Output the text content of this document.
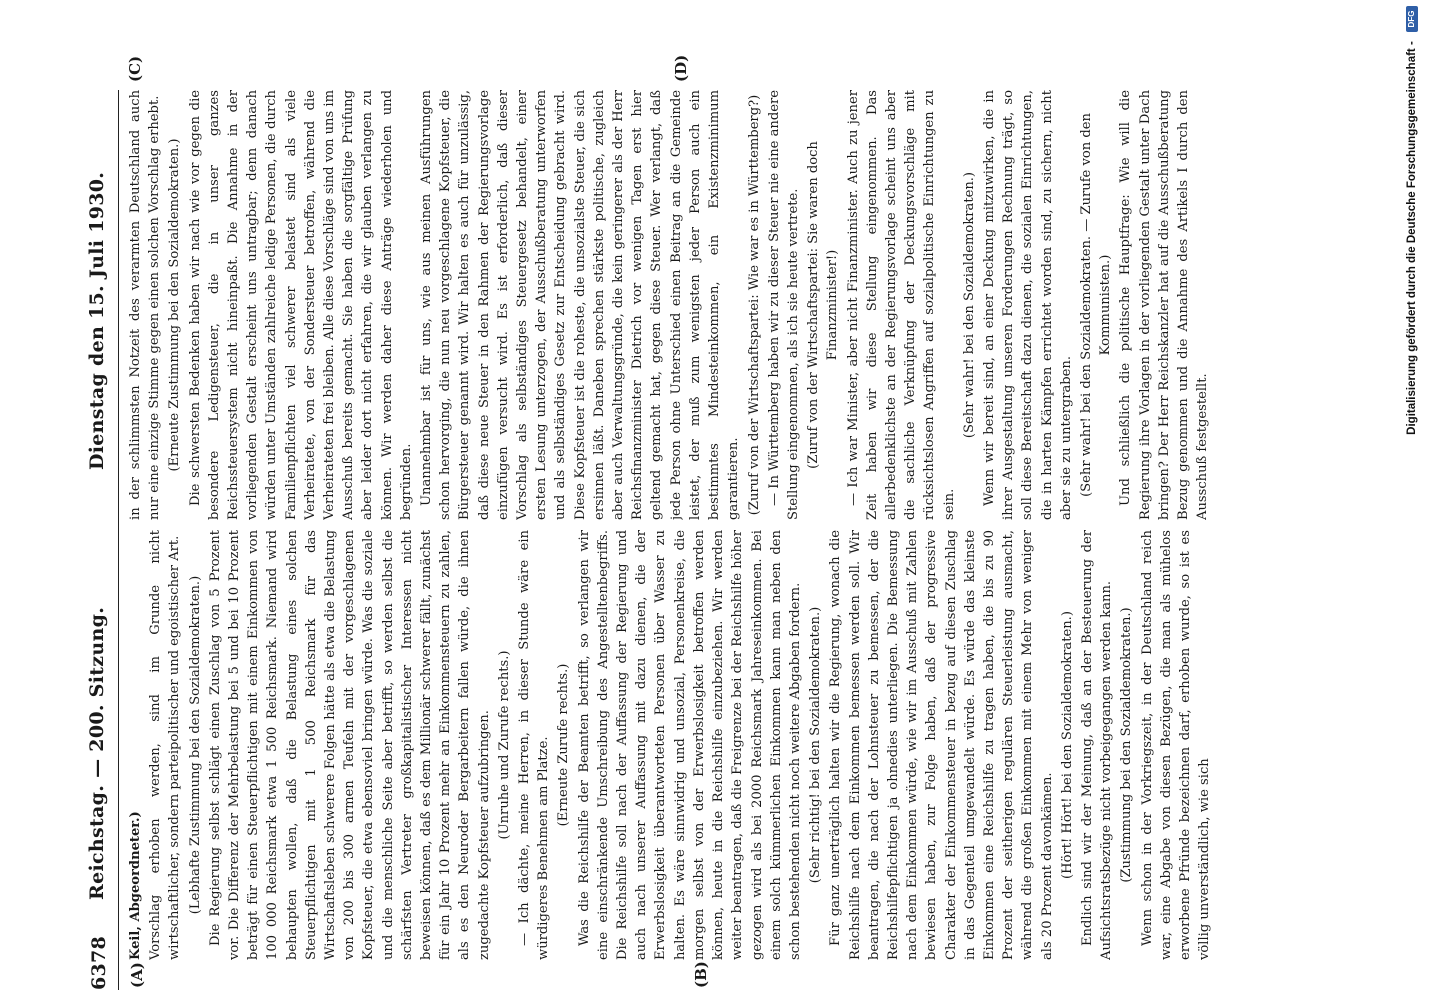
6378
Reichstag. — 200. Sitzung.
Dienstag den 15. Juli 1930.
(A)	(B)
(C)	(D)

Keil, Abgeordneter.) Vorschlag erhoben werden, sind im Grunde nicht wirtschaftlicher, sondern parteipolitischer und egoistischer Art. (Lebhafte Zustimmung bei den Sozialdemokraten.) Die Regierung selbst schlägt einen Zuschlag von 5 Prozent vor. Die Differenz der Mehrbelastung bei 5 und bei 10 Prozent beträgt für einen Steuerpflichtigen mit einem Einkommen von 100 000 Reichsmark etwa 1 500 Reichsmark. Niemand wird behaupten wollen, daß die Belastung eines solchen Steuerpflichtigen mit 1 500 Reichsmark für das Wirtschaftsleben schwerere Folgen hätte als etwa die Belastung von 200 bis 300 armen Teufeln mit der vorgeschlagenen Kopfsteuer, die etwa ebensoviel bringen würde. Was die soziale und die menschliche Seite aber betrifft, so werden selbst die schärfsten Vertreter großkapitalistischer Interessen nicht beweisen können, daß es dem Millionär schwerer fällt, zunächst für ein Jahr 10 Prozent mehr an Einkommensteuern zu zahlen, als es den Neuroder Bergarbeitern fallen würde, die ihnen zugedachte Kopfsteuer aufzubringen. (Unruhe und Zurufe rechts.) — Ich dächte, meine Herren, in dieser Stunde wäre ein würdigeres Benehmen am Platze. (Erneute Zurufe rechts.) Was die Reichshilfe der Beamten betrifft, so verlangen wir eine einschränkende Umschreibung des Angestelltenbegriffs. Die Reichshilfe soll nach der Auffassung der Regierung und auch nach unserer Auffassung mit dazu dienen, die der Erwerbslosigkeit überantworteten Personen über Wasser zu halten. Es wäre sinnwidrig und unsozial, Personenkreise, die morgen selbst von der Erwerbslosigkeit betroffen werden können, heute in die Reichshilfe einzubeziehen. Wir werden weiter beantragen, daß die Freigrenze bei der Reichshilfe höher gezogen wird als bei 2000 Reichsmark Jahreseinkommen. Bei einem solch kümmerlichen Einkommen kann man neben den schon bestehenden nicht noch weitere Abgaben fordern. (Sehr richtig! bei den Sozialdemokraten.) Für ganz unerträglich halten wir die Regierung, wonach die Reichshilfe nach dem Einkommen bemessen werden soll. Wir beantragen, die nach der Lohnsteuer zu bemessen, der die Reichshilfepflichtigen ja ohnedies unterliegen. Die Bemessung nach dem Einkommen würde, wie wir im Ausschuß mit Zahlen bewiesen haben, zur Folge haben, daß der progressive Charakter der Einkommensteuer in bezug auf diesen Zuschlag in das Gegenteil umgewandelt würde. Es würde das kleinste Einkommen eine Reichshilfe zu tragen haben, die bis zu 90 Prozent der seitherigen regulären Steuerleistung ausmacht, während die großen Einkommen mit einem Mehr von weniger als 20 Prozent davonkämen. (Hört! Hört! bei den Sozialdemokraten.) Endlich sind wir der Meinung, daß an der Besteuerung der Aufsichtsratsbezüge nicht vorbeigegangen werden kann. (Zustimmung bei den Sozialdemokraten.) Wenn schon in der Vorkriegszeit, in der Deutschland reich war, eine Abgabe von diesen Bezügen, die man als mühelos erworbene Pfründe bezeichnen darf, erhoben wurde, so ist es völlig unverständlich, wie sich

in der schlimmsten Notzeit des verarmten Deutschland auch nur eine einzige Stimme gegen einen solchen Vorschlag erhebt. (Erneute Zustimmung bei den Sozialdemokraten.) Die schwersten Bedenken haben wir nach wie vor gegen die besondere Ledigensteuer, die in unser ganzes Reichssteuersystem nicht hineinpaßt. Die Annahme in der vorliegenden Gestalt erscheint uns untragbar; denn danach würden unter Umständen zahlreiche ledige Personen, die durch Familienpflichten viel schwerer belastet sind als viele Verheiratete, von der Sondersteuer betroffen, während die Verheirateten frei bleiben. Alle diese Vorschläge sind von uns im Ausschuß bereits gemacht. Sie haben die sorgfältige Prüfung aber leider dort nicht erfahren, die wir glauben verlangen zu können. Wir werden daher diese Anträge wiederholen und begründen. Unannehmbar ist für uns, wie aus meinen Ausführungen schon hervorging, die nun neu vorgeschlagene Kopfsteuer, die Bürgersteuer genannt wird. Wir halten es auch für unzulässig, daß diese neue Steuer in den Rahmen der Regierungsvorlage einzufügen versucht wird. Es ist erforderlich, daß dieser Vorschlag als selbständiges Steuergesetz behandelt, einer ersten Lesung unterzogen, der Ausschußberatung unterworfen und als selbständiges Gesetz zur Entscheidung gebracht wird. Diese Kopfsteuer ist die roheste, die unsozialste Steuer, die sich ersinnen läßt. Daneben sprechen stärkste politische, zugleich aber auch Verwaltungsgründe, die kein geringerer als der Herr Reichsfinanzminister Dietrich vor wenigen Tagen erst hier geltend gemacht hat, gegen diese Steuer. Wer verlangt, daß jede Person ohne Unterschied einen Beitrag an die Gemeinde leistet, der muß zum wenigsten jeder Person auch ein bestimmtes Mindesteinkommen, ein Existenzminimum garantieren. (Zuruf von der Wirtschaftspartei: Wie war es in Württemberg?) — In Württemberg haben wir zu dieser Steuer nie eine andere Stellung eingenommen, als ich sie heute vertrete. (Zuruf von der Wirtschaftspartei: Sie waren doch Finanzminister!) — Ich war Minister, aber nicht Finanzminister. Auch zu jener Zeit haben wir diese Stellung eingenommen. Das allerbedenklichste an der Regierungsvorlage scheint uns aber die sachliche Verknüpfung der Deckungsvorschläge mit rücksichtslosen Angriffen auf sozialpolitische Einrichtungen zu sein.

(Sehr wahr! bei den Sozialdemokraten.) Wenn wir bereit sind, an einer Deckung mitzuwirken, die in ihrer Ausgestaltung unseren Forderungen Rechnung trägt, so soll diese Bereitschaft dazu dienen, die sozialen Einrichtungen, die in harten Kämpfen errichtet worden sind, zu sichern, nicht aber sie zu untergraben. (Sehr wahr! bei den Sozialdemokraten. — Zurufe von den Kommunisten.) Und schließlich die politische Hauptfrage: Wie will die Regierung ihre Vorlagen in der vorliegenden Gestalt unter Dach bringen? Der Herr Reichskanzler hat auf die Ausschußberatung Bezug genommen und die Annahme des Artikels I durch den Ausschuß festgestellt.

Digitalisierung gefördert durch die Deutsche Forschungsgemeinschaft - DFG
